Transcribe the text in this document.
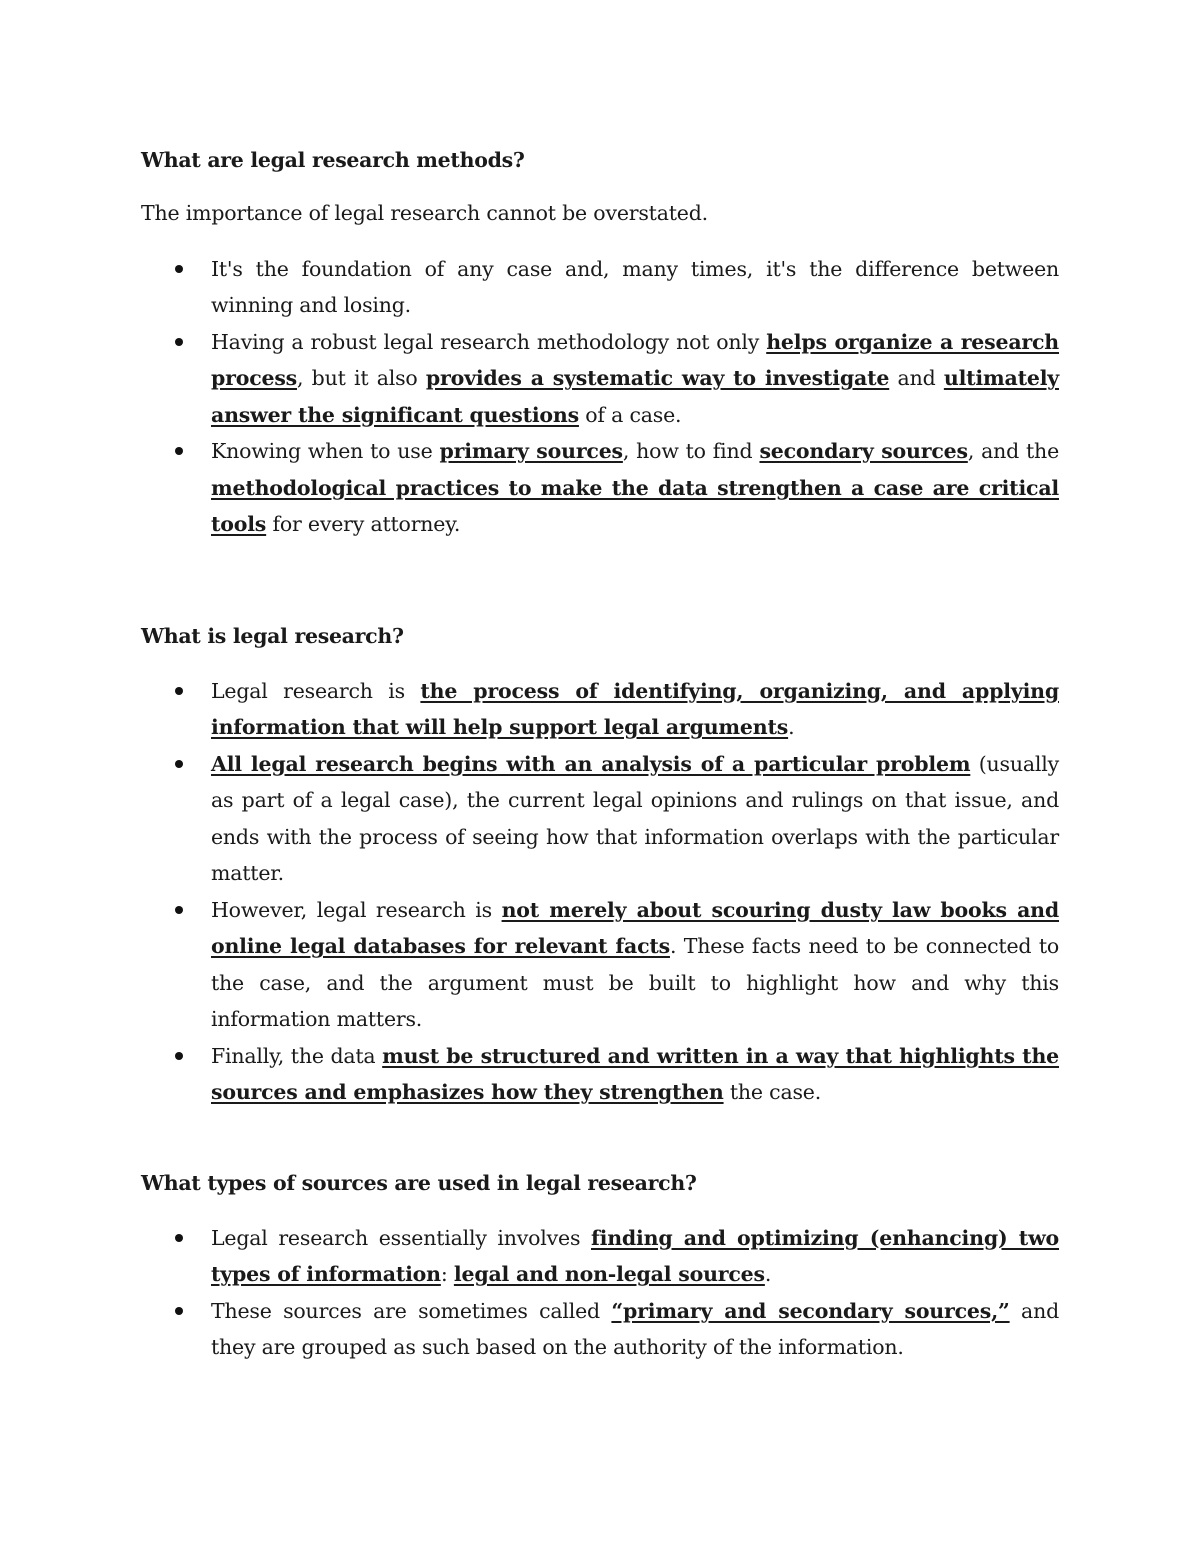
What are legal research methods?

The importance of legal research cannot be overstated.

It's the foundation of any case and, many times, it's the difference between winning and losing.
Having a robust legal research methodology not only helps organize a research process, but it also provides a systematic way to investigate and ultimately answer the significant questions of a case.
Knowing when to use primary sources, how to find secondary sources, and the methodological practices to make the data strengthen a case are critical tools for every attorney.
What is legal research?
Legal research is the process of identifying, organizing, and applying information that will help support legal arguments.
All legal research begins with an analysis of a particular problem (usually as part of a legal case), the current legal opinions and rulings on that issue, and ends with the process of seeing how that information overlaps with the particular matter.
However, legal research is not merely about scouring dusty law books and online legal databases for relevant facts. These facts need to be connected to the case, and the argument must be built to highlight how and why this information matters.
Finally, the data must be structured and written in a way that highlights the sources and emphasizes how they strengthen the case.
What types of sources are used in legal research?
Legal research essentially involves finding and optimizing (enhancing) two types of information: legal and non-legal sources.
These sources are sometimes called “primary and secondary sources,” and they are grouped as such based on the authority of the information.
